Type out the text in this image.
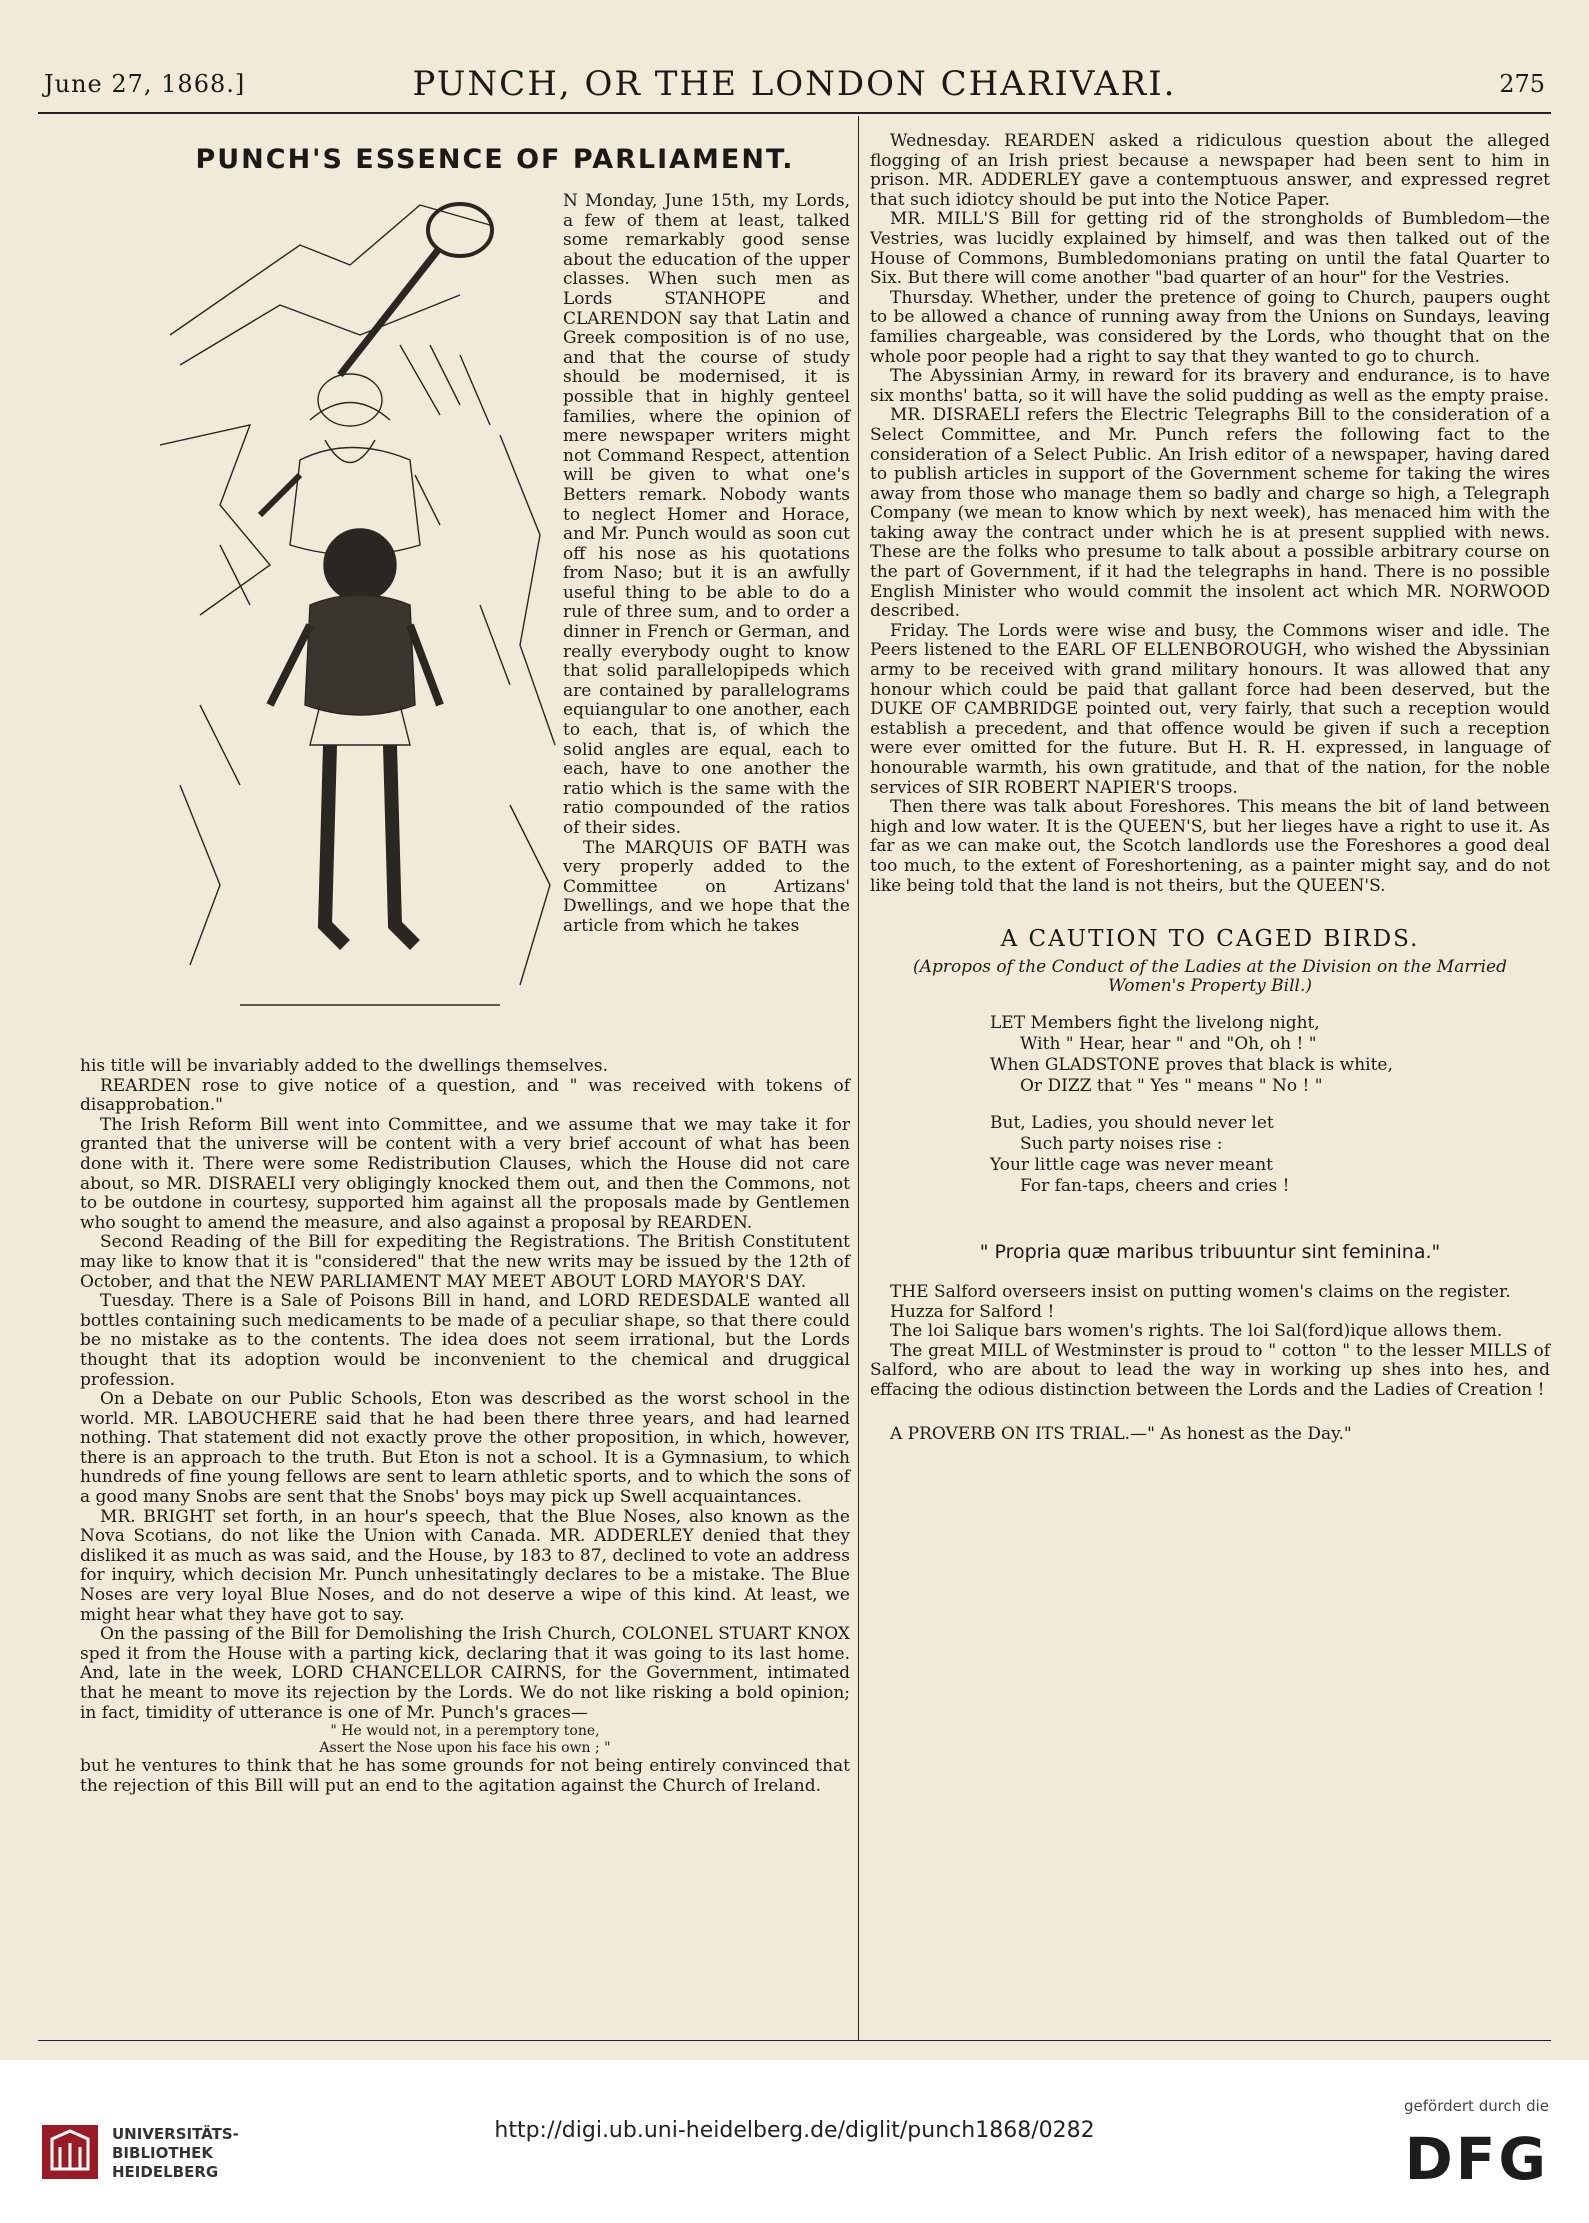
June 27, 1868.]	PUNCH, OR THE LONDON CHARIVARI.	275
PUNCH'S ESSENCE OF PARLIAMENT.

N Monday, June 15th, my Lords, a few of them at least, talked some remarkably good sense about the education of the upper classes. When such men as Lords STANHOPE and CLARENDON say that Latin and Greek composition is of no use, and that the course of study should be modernised, it is possible that in highly genteel families, where the opinion of mere newspaper writers might not Command Respect, attention will be given to what one's Betters remark. Nobody wants to neglect Homer and Horace, and Mr. Punch would as soon cut off his nose as his quotations from Naso; but it is an awfully useful thing to be able to do a rule of three sum, and to order a dinner in French or German, and really everybody ought to know that solid parallelopipeds which are contained by parallelograms equiangular to one another, each to each, that is, of which the solid angles are equal, each to each, have to one another the ratio which is the same with the ratio compounded of the ratios of their sides.

The MARQUIS OF BATH was very properly added to the Committee on Artizans' Dwellings, and we hope that the article from which he takes

his title will be invariably added to the dwellings themselves.

REARDEN rose to give notice of a question, and " was received with tokens of disapprobation."

The Irish Reform Bill went into Committee, and we assume that we may take it for granted that the universe will be content with a very brief account of what has been done with it. There were some Redistribution Clauses, which the House did not care about, so MR. DISRAELI very obligingly knocked them out, and then the Commons, not to be outdone in courtesy, supported him against all the proposals made by Gentlemen who sought to amend the measure, and also against a proposal by REARDEN.

Second Reading of the Bill for expediting the Registrations. The British Constitutent may like to know that it is "considered" that the new writs may be issued by the 12th of October, and that the NEW PARLIAMENT MAY MEET ABOUT LORD MAYOR'S DAY.

Tuesday. There is a Sale of Poisons Bill in hand, and LORD REDESDALE wanted all bottles containing such medicaments to be made of a peculiar shape, so that there could be no mistake as to the contents. The idea does not seem irrational, but the Lords thought that its adoption would be inconvenient to the chemical and druggical profession.

On a Debate on our Public Schools, Eton was described as the worst school in the world. MR. LABOUCHERE said that he had been there three years, and had learned nothing. That statement did not exactly prove the other proposition, in which, however, there is an approach to the truth. But Eton is not a school. It is a Gymnasium, to which hundreds of fine young fellows are sent to learn athletic sports, and to which the sons of a good many Snobs are sent that the Snobs' boys may pick up Swell acquaintances.

MR. BRIGHT set forth, in an hour's speech, that the Blue Noses, also known as the Nova Scotians, do not like the Union with Canada. MR. ADDERLEY denied that they disliked it as much as was said, and the House, by 183 to 87, declined to vote an address for inquiry, which decision Mr. Punch unhesitatingly declares to be a mistake. The Blue Noses are very loyal Blue Noses, and do not deserve a wipe of this kind. At least, we might hear what they have got to say.

On the passing of the Bill for Demolishing the Irish Church, COLONEL STUART KNOX sped it from the House with a parting kick, declaring that it was going to its last home. And, late in the week, LORD CHANCELLOR CAIRNS, for the Government, intimated that he meant to move its rejection by the Lords. We do not like risking a bold opinion; in fact, timidity of utterance is one of Mr. Punch's graces—

" He would not, in a peremptory tone,
Assert the Nose upon his face his own ; "

but he ventures to think that he has some grounds for not being entirely convinced that the rejection of this Bill will put an end to the agitation against the Church of Ireland.

Wednesday. REARDEN asked a ridiculous question about the alleged flogging of an Irish priest because a newspaper had been sent to him in prison. MR. ADDERLEY gave a contemptuous answer, and expressed regret that such idiotcy should be put into the Notice Paper.

MR. MILL'S Bill for getting rid of the strongholds of Bumbledom—the Vestries, was lucidly explained by himself, and was then talked out of the House of Commons, Bumbledomonians prating on until the fatal Quarter to Six. But there will come another "bad quarter of an hour" for the Vestries.

Thursday. Whether, under the pretence of going to Church, paupers ought to be allowed a chance of running away from the Unions on Sundays, leaving families chargeable, was considered by the Lords, who thought that on the whole poor people had a right to say that they wanted to go to church.

The Abyssinian Army, in reward for its bravery and endurance, is to have six months' batta, so it will have the solid pudding as well as the empty praise.

MR. DISRAELI refers the Electric Telegraphs Bill to the consideration of a Select Committee, and Mr. Punch refers the following fact to the consideration of a Select Public. An Irish editor of a newspaper, having dared to publish articles in support of the Government scheme for taking the wires away from those who manage them so badly and charge so high, a Telegraph Company (we mean to know which by next week), has menaced him with the taking away the contract under which he is at present supplied with news. These are the folks who presume to talk about a possible arbitrary course on the part of Government, if it had the telegraphs in hand. There is no possible English Minister who would commit the insolent act which MR. NORWOOD described.

Friday. The Lords were wise and busy, the Commons wiser and idle. The Peers listened to the EARL OF ELLENBOROUGH, who wished the Abyssinian army to be received with grand military honours. It was allowed that any honour which could be paid that gallant force had been deserved, but the DUKE OF CAMBRIDGE pointed out, very fairly, that such a reception would establish a precedent, and that offence would be given if such a reception were ever omitted for the future. But H. R. H. expressed, in language of honourable warmth, his own gratitude, and that of the nation, for the noble services of SIR ROBERT NAPIER'S troops.

Then there was talk about Foreshores. This means the bit of land between high and low water. It is the QUEEN'S, but her lieges have a right to use it. As far as we can make out, the Scotch landlords use the Foreshores a good deal too much, to the extent of Foreshortening, as a painter might say, and do not like being told that the land is not theirs, but the QUEEN'S.

A CAUTION TO CAGED BIRDS.
(Apropos of the Conduct of the Ladies at the Division on the Married Women's Property Bill.)
LET Members fight the livelong night,
With " Hear, hear " and "Oh, oh ! "
When GLADSTONE proves that black is white,
Or DIZZ that " Yes " means " No ! "
But, Ladies, you should never let
Such party noises rise :
Your little cage was never meant
For fan-taps, cheers and cries !
" Propria quæ maribus tribuuntur sint feminina."

THE Salford overseers insist on putting women's claims on the register.

Huzza for Salford !

The loi Salique bars women's rights. The loi Sal(ford)ique allows them.

The great MILL of Westminster is proud to " cotton " to the lesser MILLS of Salford, who are about to lead the way in working up shes into hes, and effacing the odious distinction between the Lords and the Ladies of Creation !

A PROVERB ON ITS TRIAL.—" As honest as the Day."

UNIVERSITÄTS-
BIBLIOTHEK
HEIDELBERG
http://digi.ub.uni-heidelberg.de/diglit/punch1868/0282
gefördert durch die
DFG
